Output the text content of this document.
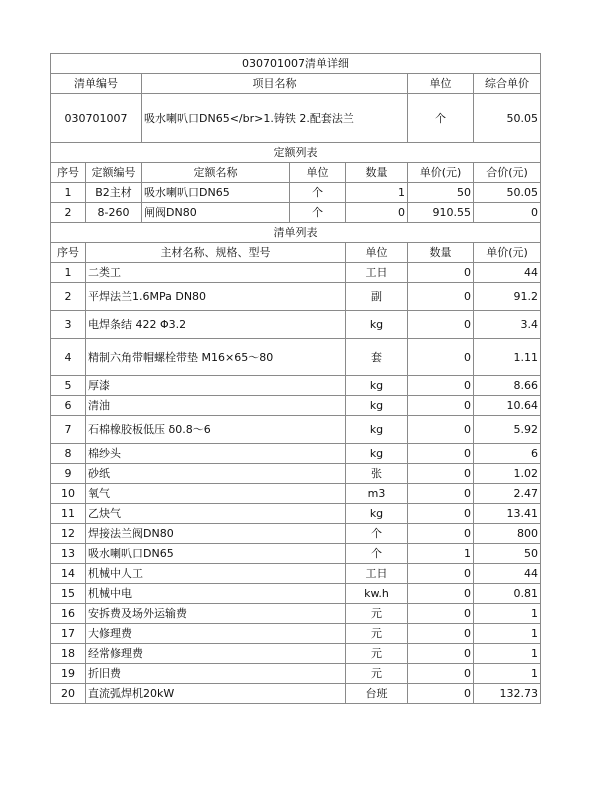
030701007清单详细							
清单编号		项目名称			单位	综合单价	
030701007		吸水喇叭口DN65</br>1.铸铁 2.配套法兰			个	50.05	
定额列表							
序号	定额编号	定额名称	单位	数量	单价(元)	合价(元)	
1	B2主材	吸水喇叭口DN65	个	1	50	50.05	
2	8-260	闸阀DN80	个	0	910.55	0	
清单列表							
序号	主材名称、规格、型号			单位	数量	单价(元)	
1	二类工			工日	0	44	
2	平焊法兰1.6MPa DN80			副	0	91.2	
3	电焊条结 422 Φ3.2			kg	0	3.4	
4	精制六角带帽螺栓带垫 M16×65～80			套	0	1.11	
5	厚漆			kg	0	8.66	
6	清油			kg	0	10.64	
7	石棉橡胶板低压 δ0.8～6			kg	0	5.92	
8	棉纱头			kg	0	6	
9	砂纸			张	0	1.02	
10	氧气			m3	0	2.47	
11	乙炔气			kg	0	13.41	
12	焊接法兰阀DN80			个	0	800	
13	吸水喇叭口DN65			个	1	50	
14	机械中人工			工日	0	44	
15	机械中电			kw.h	0	0.81	
16	安拆费及场外运输费			元	0	1	
17	大修理费			元	0	1	
18	经常修理费			元	0	1	
19	折旧费			元	0	1	
20	直流弧焊机20kW			台班	0	132.73	
